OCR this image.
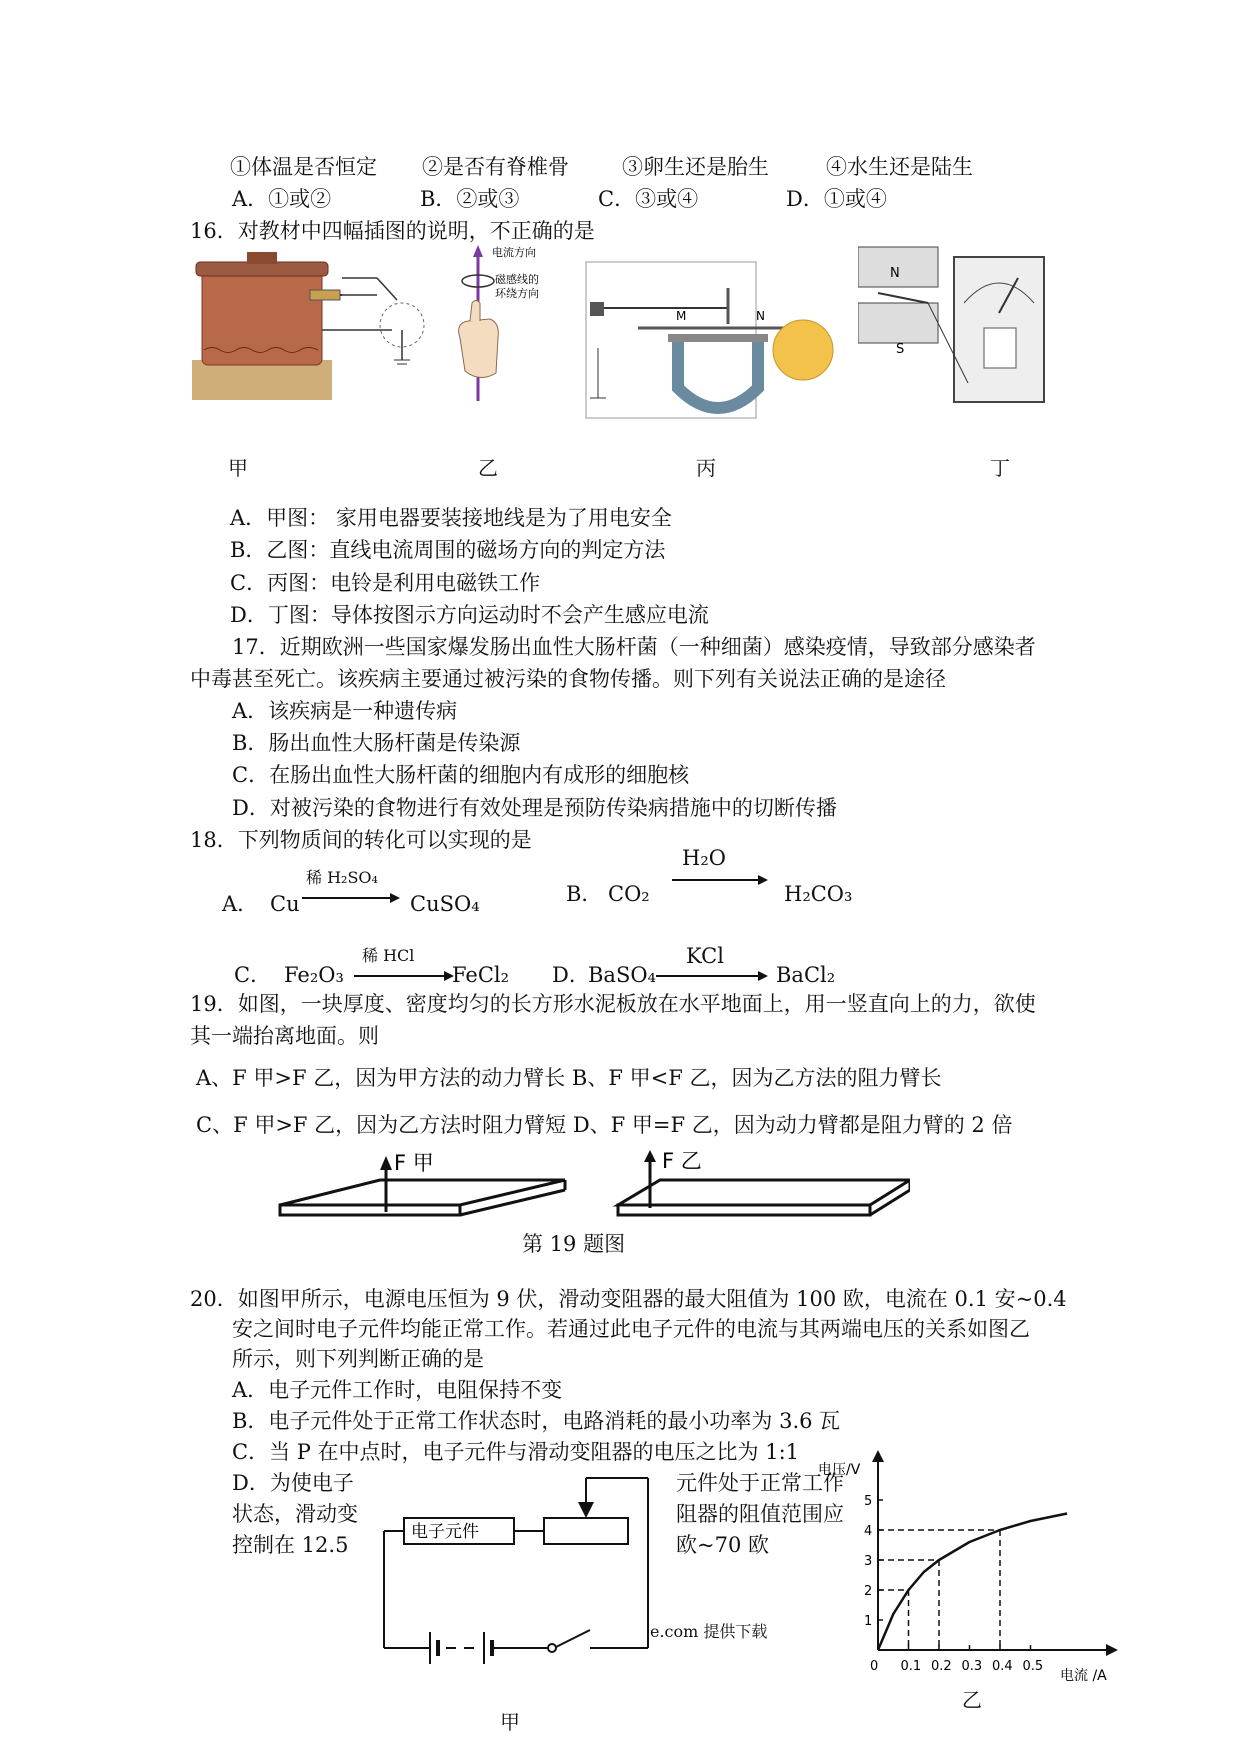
①体温是否恒定 ②是否有脊椎骨	③卵生还是胎生	④水生还是陆生
A．①或②	B．②或③	C．③或④	D．①或④
16．对教材中四幅插图的说明，不正确的是
电流方向
磁感线的
环绕方向
M	N
N
S
甲	乙	丙	丁
A．甲图： 家用电器要装接地线是为了用电安全
B．乙图：直线电流周围的磁场方向的判定方法
C．丙图：电铃是利用电磁铁工作
D．丁图：导体按图示方向运动时不会产生感应电流
17．近期欧洲一些国家爆发肠出血性大肠杆菌（一种细菌）感染疫情，导致部分感染者
中毒甚至死亡。该疾病主要通过被污染的食物传播。则下列有关说法正确的是途径
A．该疾病是一种遗传病
B．肠出血性大肠杆菌是传染源
C．在肠出血性大肠杆菌的细胞内有成形的细胞核
D．对被污染的食物进行有效处理是预防传染病措施中的切断传播
18．下列物质间的转化可以实现的是
A． Cu
稀 H₂SO₄
CuSO₄	B． CO₂
H₂O
H₂CO₃
C． Fe₂O₃
稀 HCl
FeCl₂ D．
BaSO₄
KCl
BaCl₂
19．如图，一块厚度、密度均匀的长方形水泥板放在水平地面上，用一竖直向上的力，欲使
其一端抬离地面。则
A、F 甲>F 乙，因为甲方法的动力臂长 B、F 甲<F 乙，因为乙方法的阻力臂长
C、F 甲>F 乙，因为乙方法时阻力臂短 D、F 甲=F 乙，因为动力臂都是阻力臂的 2 倍
F 甲	F 乙
第 19 题图
20．如图甲所示，电源电压恒为 9 伏，滑动变阻器的最大阻值为 100 欧，电流在 0.1 安~0.4
安之间时电子元件均能正常工作。若通过此电子元件的电流与其两端电压的关系如图乙
所示，则下列判断正确的是
A．电子元件工作时，电阻保持不变
B．电子元件处于正常工作状态时，电路消耗的最小功率为 3.6 瓦
C．当 P 在中点时，电子元件与滑动变阻器的电压之比为 1:1
D．为使电子
状态，滑动变
控制在 12.5
元件处于正常工作
阻器的阻值范围应
欧~70 欧
电子元件
e.com 提供下载
甲
电压/V
电流 /A
0 0.1 0.2 0.3 0.4 0.5
1
2
3
4
5
乙
